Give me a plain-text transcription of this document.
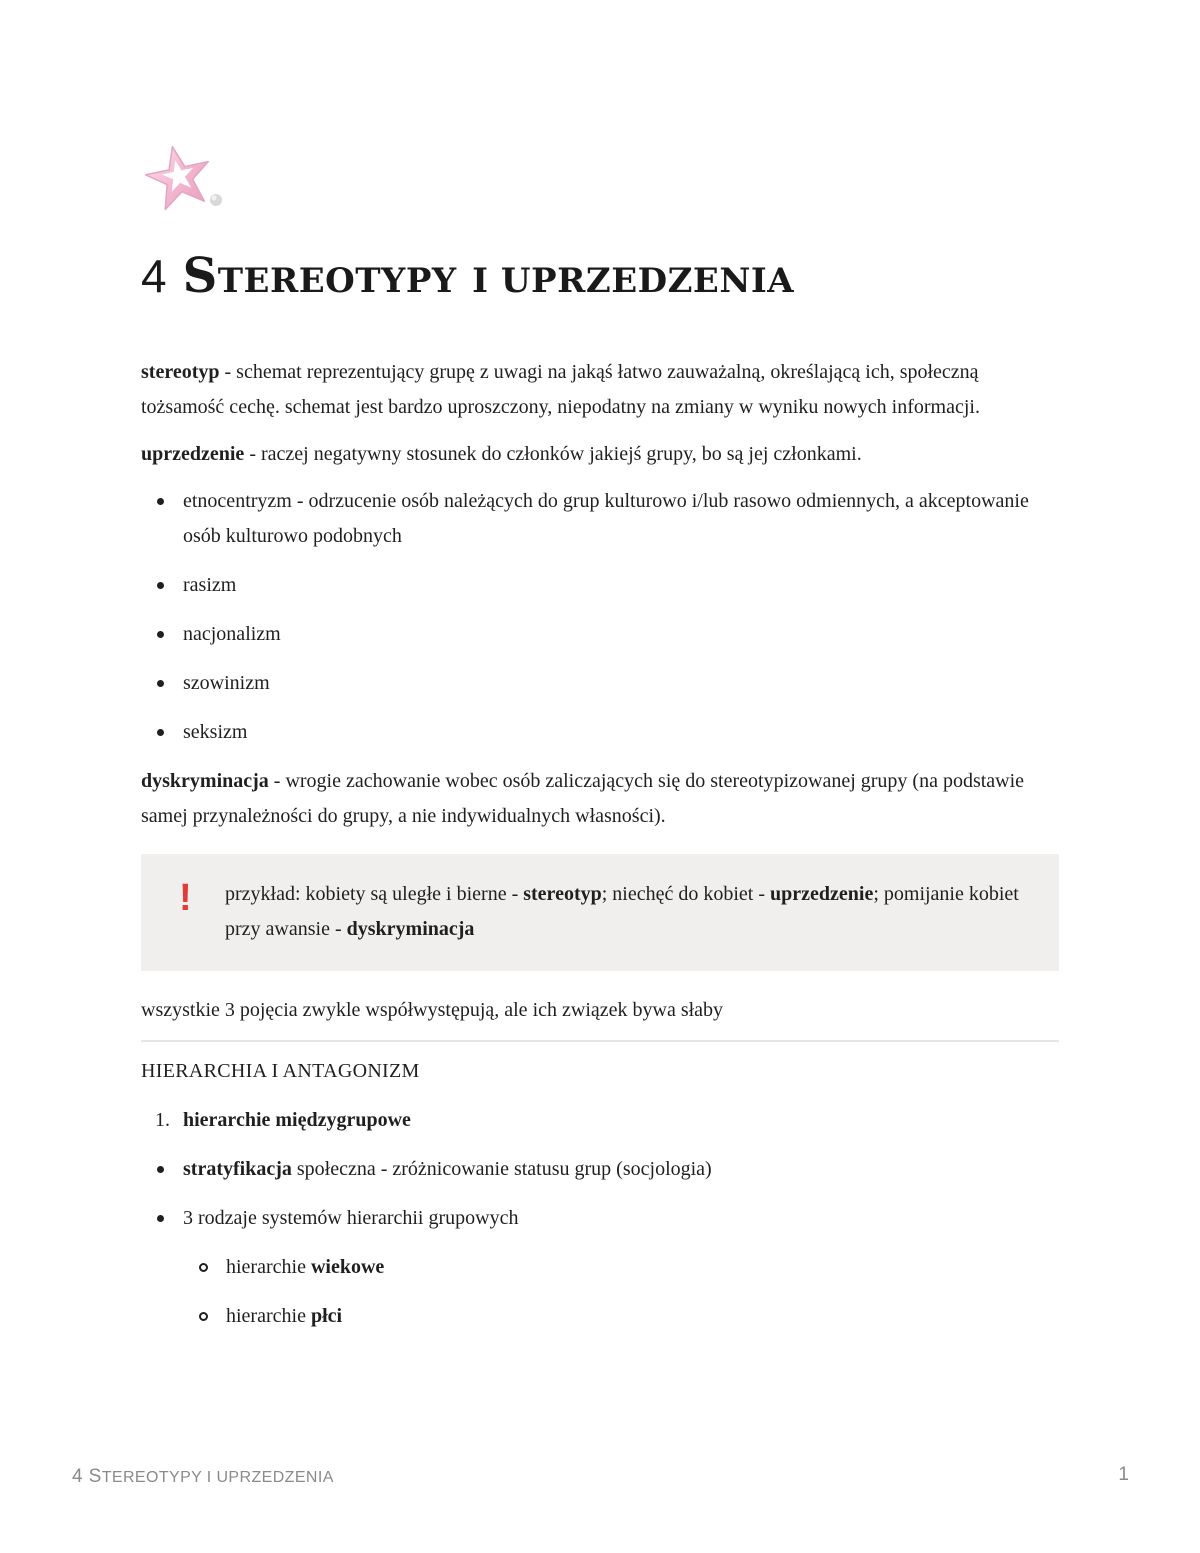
4 STEREOTYPY I UPRZEDZENIA

stereotyp - schemat reprezentujący grupę z uwagi na jakąś łatwo zauważalną, określającą ich, społeczną tożsamość cechę. schemat jest bardzo uproszczony, niepodatny na zmiany w wyniku nowych informacji.

uprzedzenie - raczej negatywny stosunek do członków jakiejś grupy, bo są jej członkami.

etnocentryzm - odrzucenie osób należących do grup kulturowo i/lub rasowo odmiennych, a akceptowanie osób kulturowo podobnych
rasizm
nacjonalizm
szowinizm
seksizm

dyskryminacja - wrogie zachowanie wobec osób zaliczających się do stereotypizowanej grupy (na podstawie samej przynależności do grupy, a nie indywidualnych własności).

! przykład: kobiety są uległe i bierne - stereotyp; niechęć do kobiet - uprzedzenie; pomijanie kobiet przy awansie - dyskryminacja

wszystkie 3 pojęcia zwykle współwystępują, ale ich związek bywa słaby

HIERARCHIA I ANTAGONIZM
1. hierarchie międzygrupowe
stratyfikacja społeczna - zróżnicowanie statusu grup (socjologia)
3 rodzaje systemów hierarchii grupowych
hierarchie wiekowe
hierarchie płci
4 STEREOTYPY I UPRZEDZENIA	1
